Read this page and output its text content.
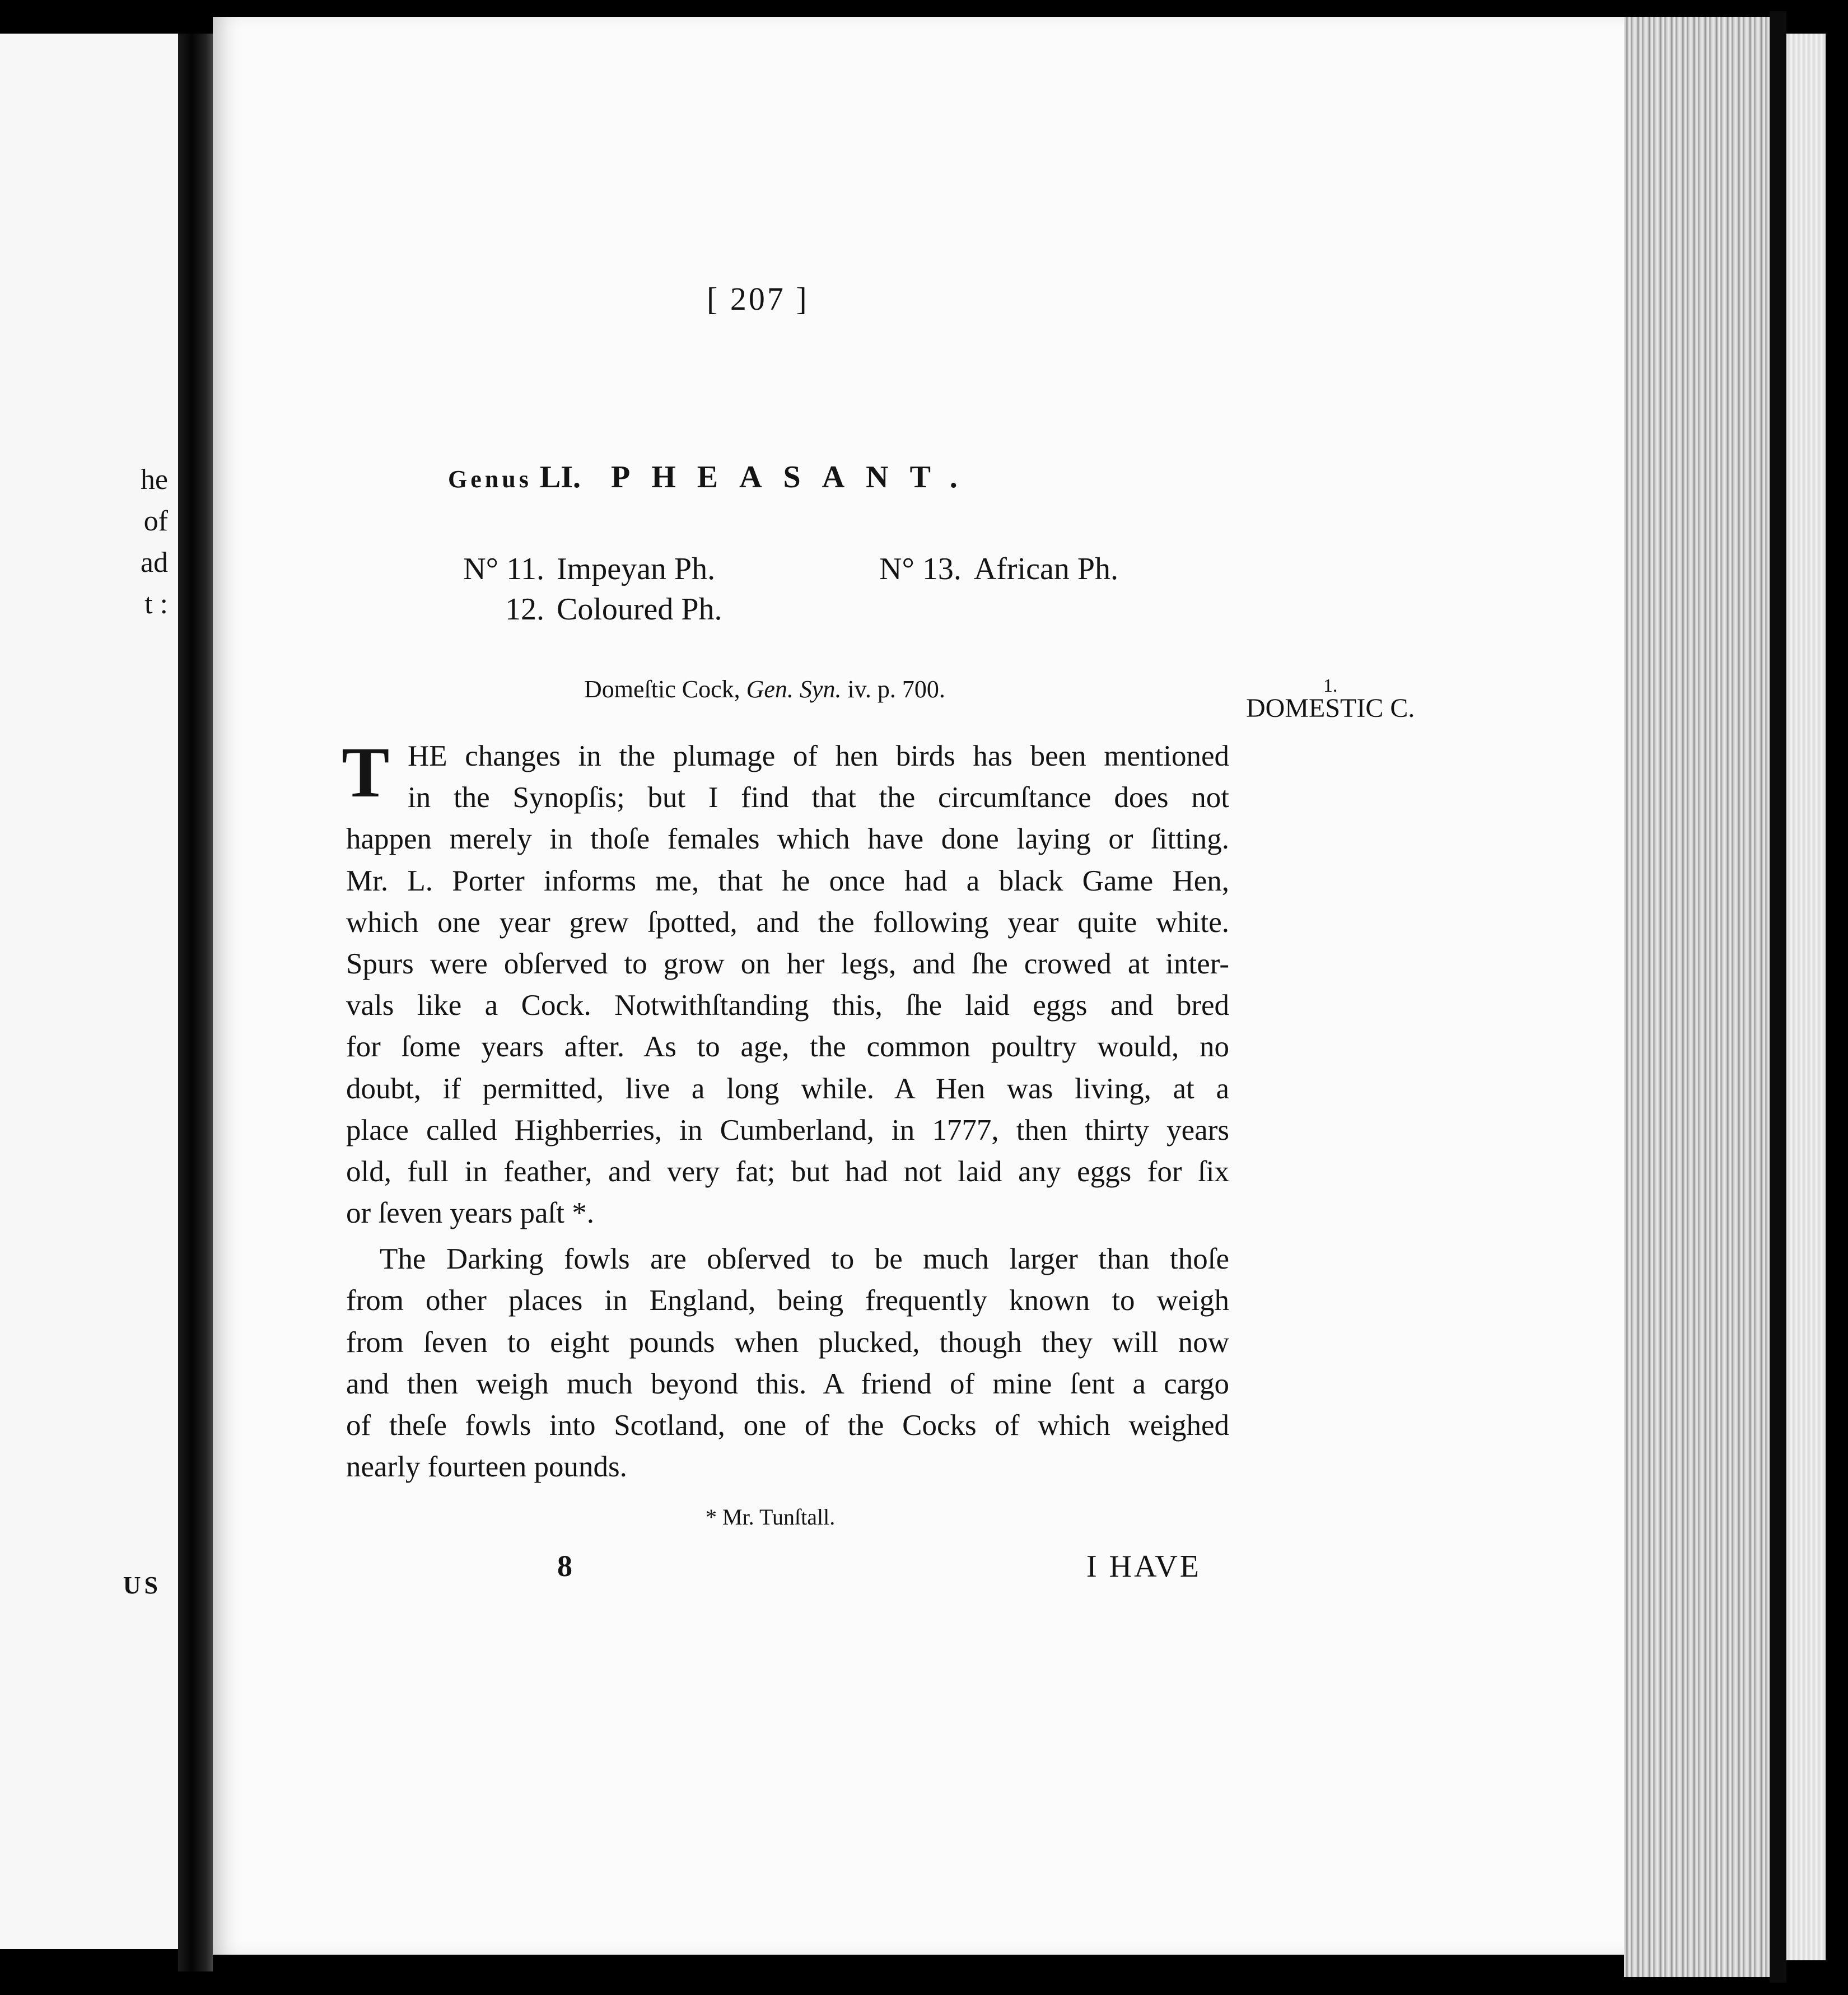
he
of
ad
t :
US
[ 207 ]
Genus LI. PHEASANT.
N° 11. Impeyan Ph.
12. Coloured Ph.
N° 13. African Ph.
Domeſtic Cock, Gen. Syn. iv. p. 700.	1.
DOMESTIC C.
T HE changes in the plumage of hen birds has been mentioned
in the Synopſis; but I find that the circumſtance does not
happen merely in thoſe females which have done laying or ſitting.
Mr. L. Porter informs me, that he once had a black Game Hen,
which one year grew ſpotted, and the following year quite white.
Spurs were obſerved to grow on her legs, and ſhe crowed at inter-
vals like a Cock. Notwithſtanding this, ſhe laid eggs and bred
for ſome years after. As to age, the common poultry would, no
doubt, if permitted, live a long while. A Hen was living, at a
place called Highberries, in Cumberland, in 1777, then thirty years
old, full in feather, and very fat; but had not laid any eggs for ſix
or ſeven years paſt *.
The Darking fowls are obſerved to be much larger than thoſe
from other places in England, being frequently known to weigh
from ſeven to eight pounds when plucked, though they will now
and then weigh much beyond this. A friend of mine ſent a cargo
of theſe fowls into Scotland, one of the Cocks of which weighed
nearly fourteen pounds.
* Mr. Tunſtall.
8	I HAVE
